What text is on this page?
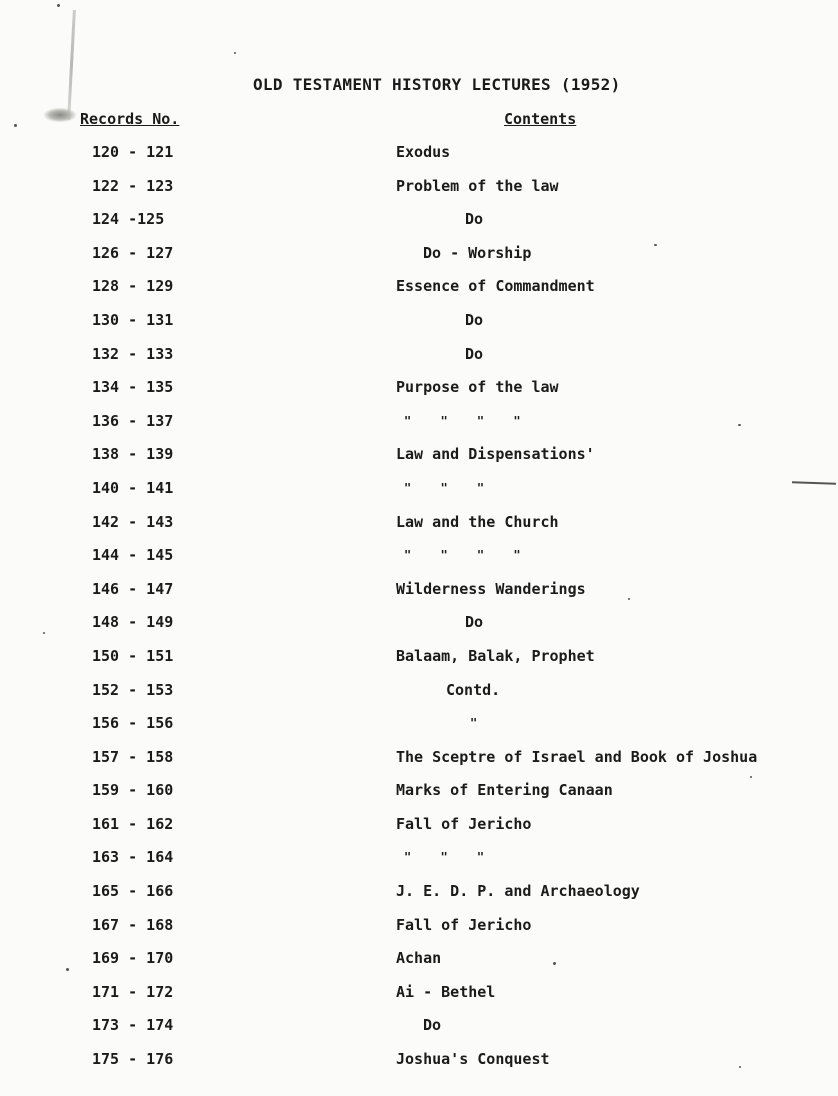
OLD TESTAMENT HISTORY LECTURES (1952)
Records No.	Contents
120 - 121	Exodus
122 - 123	Problem of the law
124 -125	Do
126 - 127	Do - Worship
128 - 129	Essence of Commandment
130 - 131	Do
132 - 133	Do
134 - 135	Purpose of the law
136 - 137	" " " "
138 - 139	Law and Dispensations'
140 - 141	" " "
142 - 143	Law and the Church
144 - 145	" " " "
146 - 147	Wilderness Wanderings
148 - 149	Do
150 - 151	Balaam, Balak, Prophet
152 - 153	Contd.
156 - 156	"
157 - 158	The Sceptre of Israel and Book of Joshua
159 - 160	Marks of Entering Canaan
161 - 162	Fall of Jericho
163 - 164	" " "
165 - 166	J. E. D. P. and Archaeology
167 - 168	Fall of Jericho
169 - 170	Achan
171 - 172	Ai - Bethel
173 - 174	Do
175 - 176	Joshua's Conquest
